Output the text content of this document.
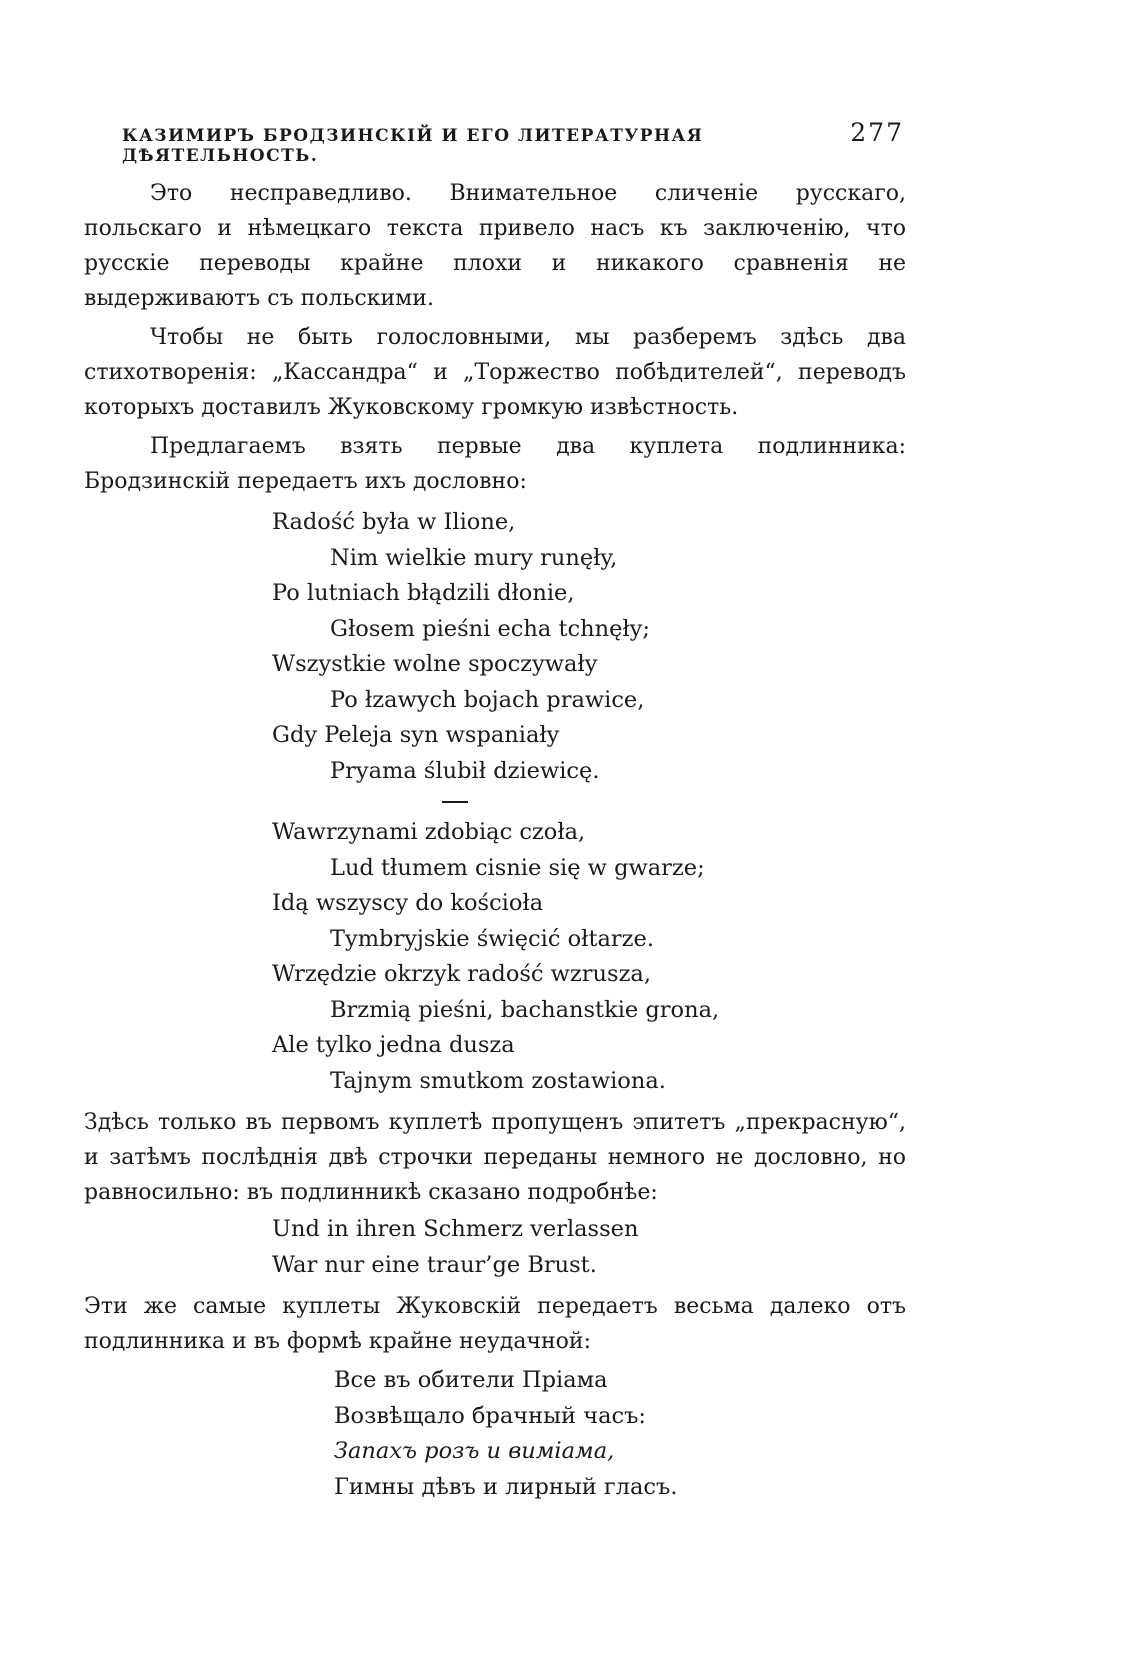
КАЗИМИРЪ БРОДЗИНСКІЙ И ЕГО ЛИТЕРАТУРНАЯ ДѢЯТЕЛЬНОСТЬ.
277

Это несправедливо. Внимательное сличеніе русскаго, польскаго и нѣмецкаго текста привело насъ къ заключенію, что русскіе переводы крайне плохи и никакого сравненія не выдерживаютъ съ польскими.

Чтобы не быть голословными, мы разберемъ здѣсь два стихотворенія: „Кассандра“ и „Торжество побѣдителей“, переводъ которыхъ доставилъ Жуковскому громкую извѣстность.

Предлагаемъ взять первые два куплета подлинника: Бродзинскій передаетъ ихъ дословно:

Radość była w Ilione,
Nim wielkie mury runęły,
Po lutniach błądzili dłonie,
Głosem pieśni echa tchnęły;
Wszystkie wolne spoczywały
Po łzawych bojach prawice,
Gdy Peleja syn wspaniały
Pryama ślubił dziewicę.
Wawrzynami zdobiąc czoła,
Lud tłumem cisnie się w gwarze;
Idą wszyscy do kościoła
Tymbryjskie święcić ołtarze.
Wrzędzie okrzyk radość wzrusza,
Brzmią pieśni, bachanstkie grona,
Ale tylko jedna dusza
Tajnym smutkom zostawiona.

Здѣсь только въ первомъ куплетѣ пропущенъ эпитетъ „прекрасную“, и затѣмъ послѣднія двѣ строчки переданы немного не дословно, но равносильно: въ подлинникѣ сказано подробнѣе:

Und in ihren Schmerz verlassen
War nur eine traur’ge Brust.

Эти же самые куплеты Жуковскій передаетъ весьма далеко отъ подлинника и въ формѣ крайне неудачной:

Все въ обители Пріама
Возвѣщало брачный часъ:
Запахъ розъ и виміама,
Гимны дѣвъ и лирный гласъ.
